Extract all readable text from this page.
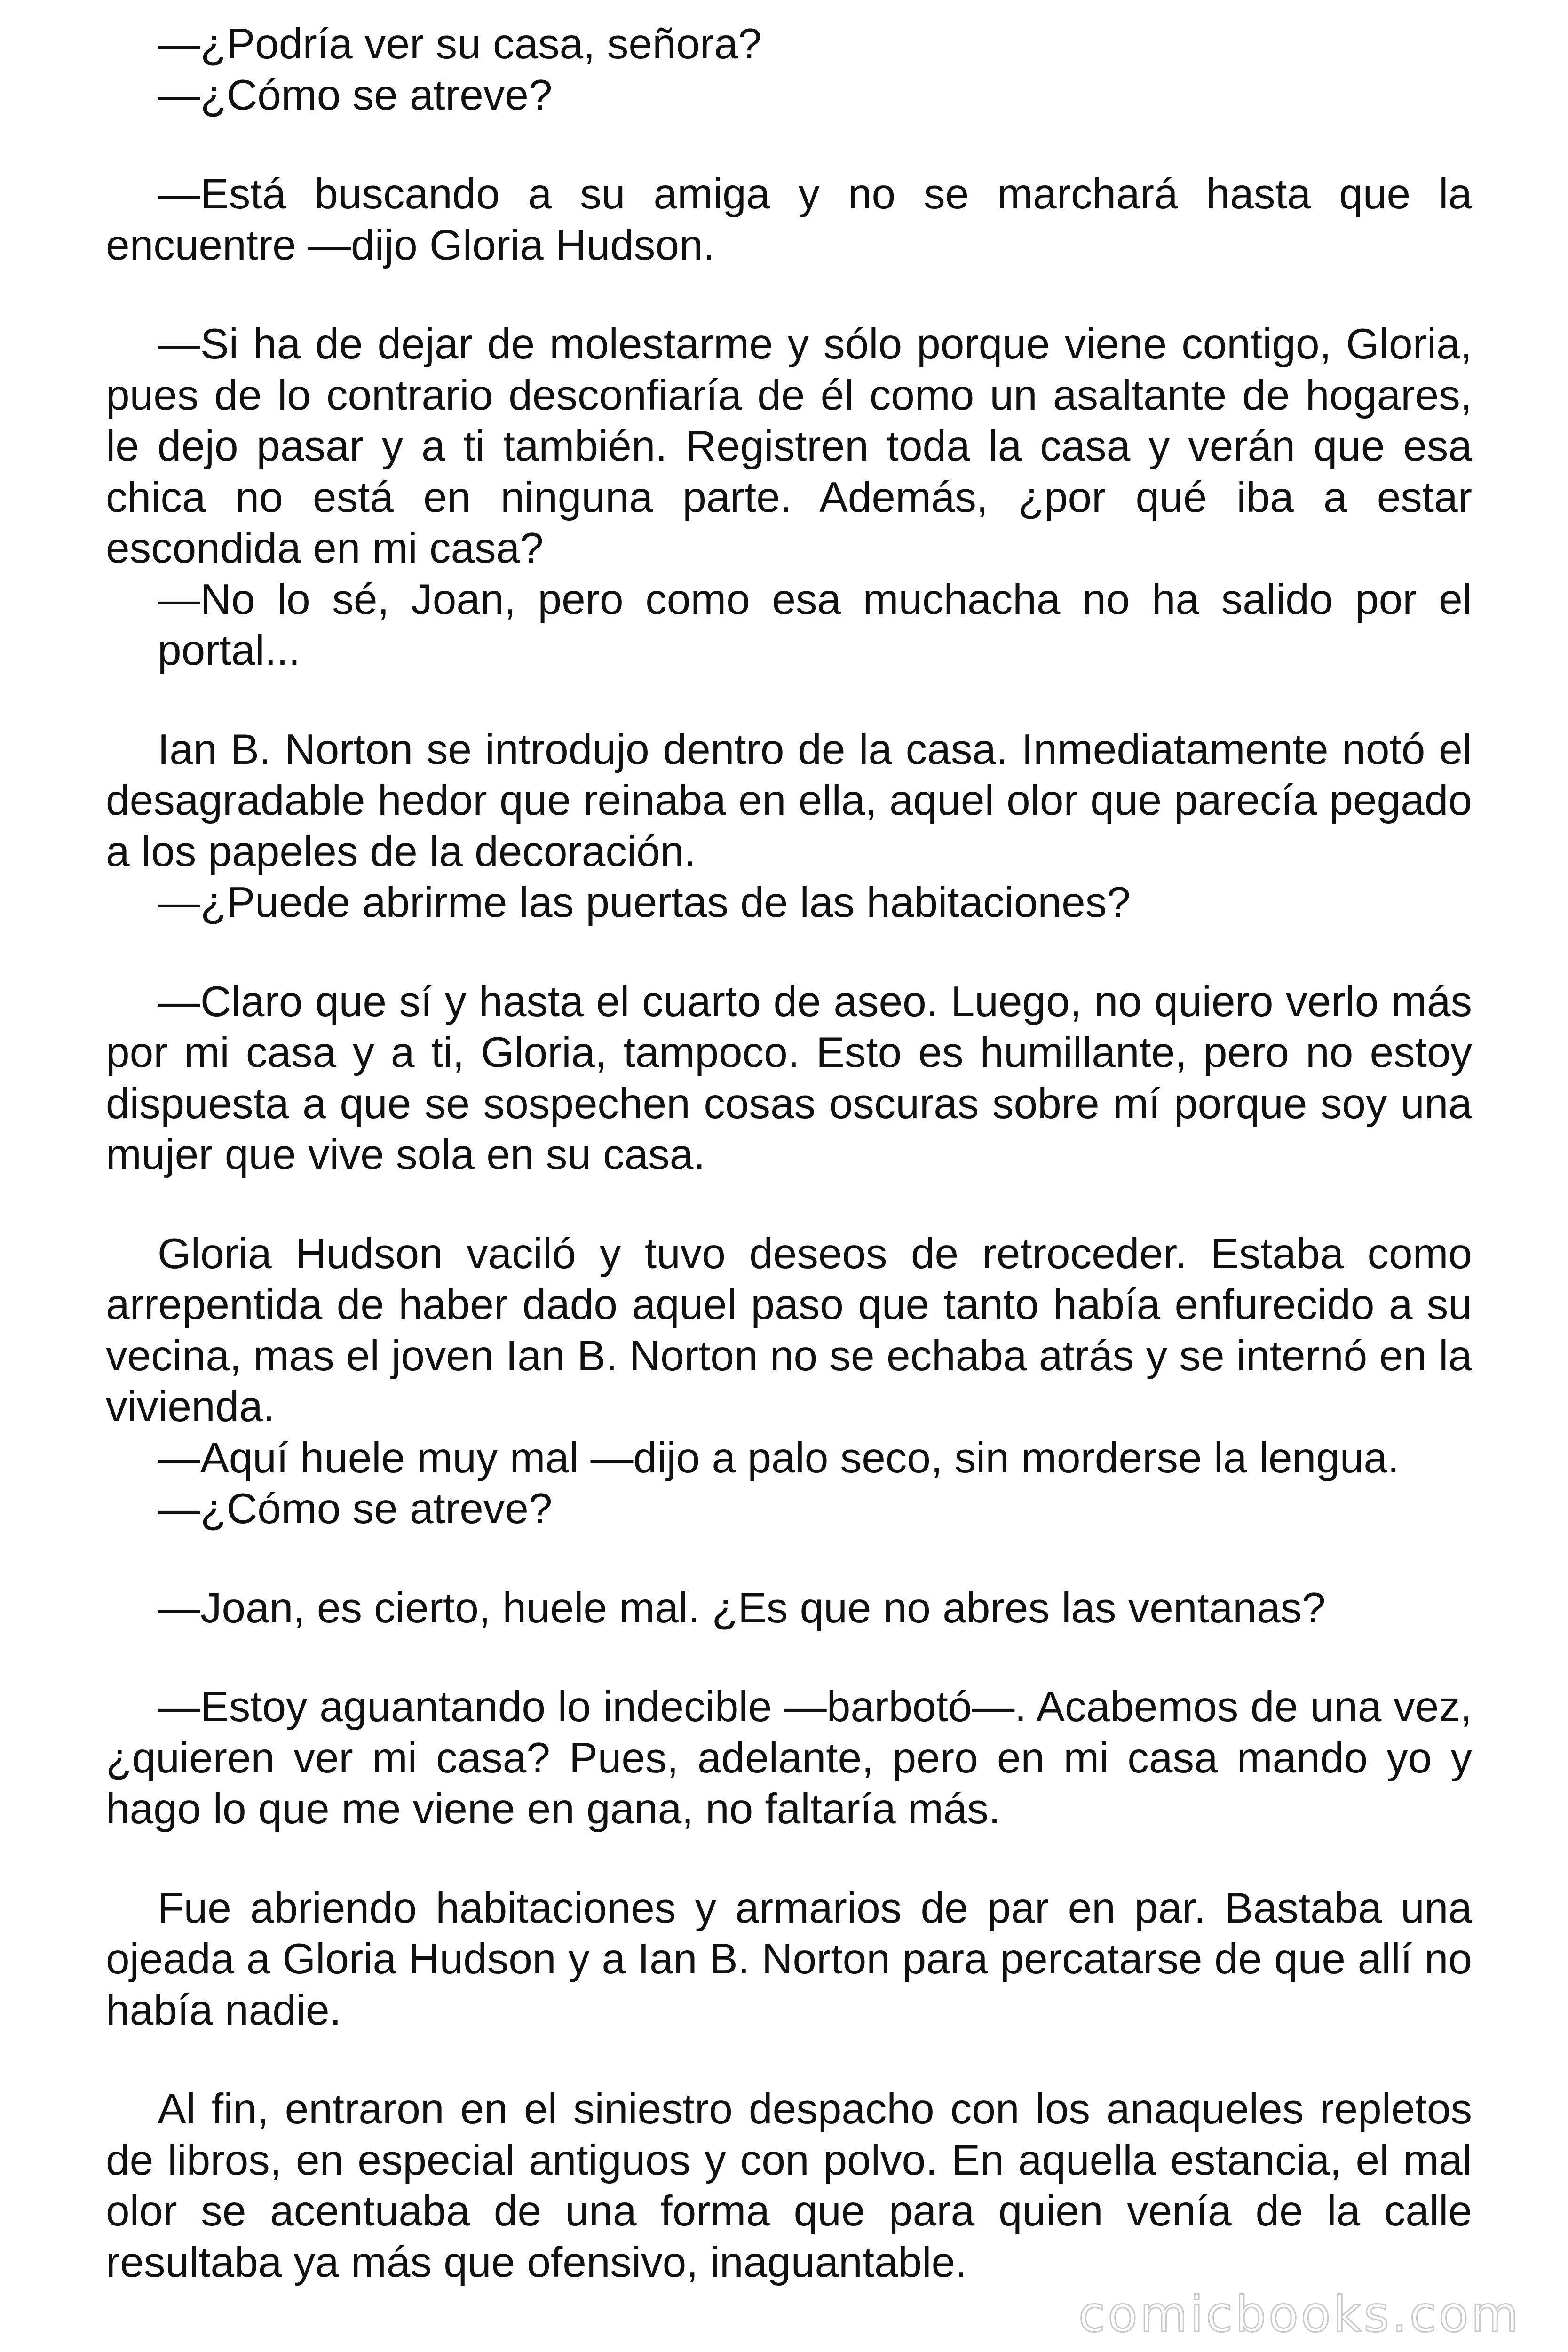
—¿Podría ver su casa, señora?

—¿Cómo se atreve?

—Está buscando a su amiga y no se marchará hasta que la encuentre —dijo Gloria Hudson.

—Si ha de dejar de molestarme y sólo porque viene contigo, Gloria, pues de lo contrario desconfiaría de él como un asaltante de hogares, le dejo pasar y a ti también. Registren toda la casa y verán que esa chica no está en ninguna parte. Además, ¿por qué iba a estar escondida en mi casa?

—No lo sé, Joan, pero como esa muchacha no ha salido por el portal...

Ian B. Norton se introdujo dentro de la casa. Inmediatamente notó el desagradable hedor que reinaba en ella, aquel olor que parecía pegado a los papeles de la decoración.

—¿Puede abrirme las puertas de las habitaciones?

—Claro que sí y hasta el cuarto de aseo. Luego, no quiero verlo más por mi casa y a ti, Gloria, tampoco. Esto es humillante, pero no estoy dispuesta a que se sospechen cosas oscuras sobre mí porque soy una mujer que vive sola en su casa.

Gloria Hudson vaciló y tuvo deseos de retroceder. Estaba como arrepentida de haber dado aquel paso que tanto había enfurecido a su vecina, mas el joven Ian B. Norton no se echaba atrás y se internó en la vivienda.

—Aquí huele muy mal —dijo a palo seco, sin morderse la lengua.

—¿Cómo se atreve?

—Joan, es cierto, huele mal. ¿Es que no abres las ventanas?

—Estoy aguantando lo indecible —barbotó—. Acabemos de una vez, ¿quieren ver mi casa? Pues, adelante, pero en mi casa mando yo y hago lo que me viene en gana, no faltaría más.

Fue abriendo habitaciones y armarios de par en par. Bastaba una ojeada a Gloria Hudson y a Ian B. Norton para percatarse de que allí no había nadie.

Al fin, entraron en el siniestro despacho con los anaqueles repletos de libros, en especial antiguos y con polvo. En aquella estancia, el mal olor se acentuaba de una forma que para quien venía de la calle resultaba ya más que ofensivo, inaguantable.

comicbooks.com
